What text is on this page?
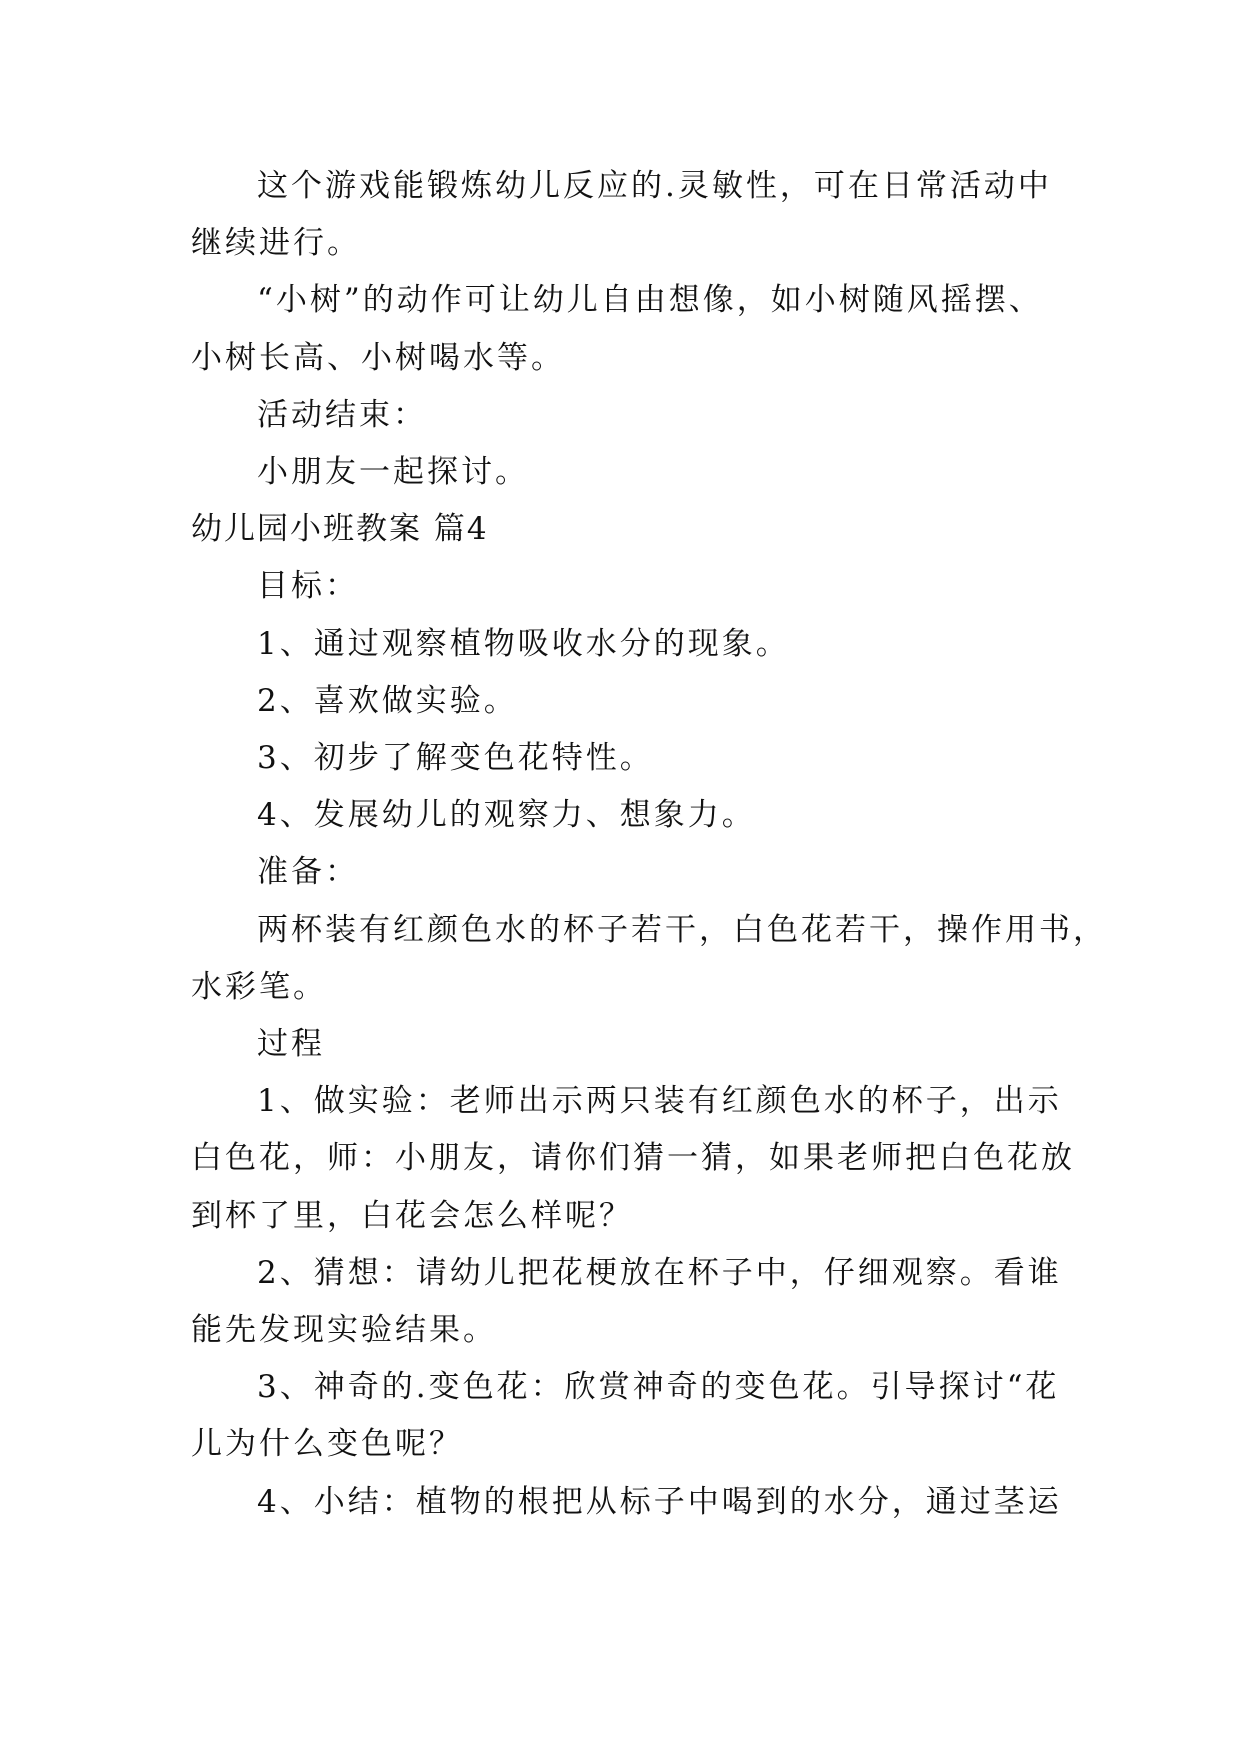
这个游戏能锻炼幼儿反应的.灵敏性，可在日常活动中

继续进行。

“小树”的动作可让幼儿自由想像，如小树随风摇摆、

小树长高、小树喝水等。

活动结束：

小朋友一起探讨。

幼儿园小班教案 篇4

目标：

1、通过观察植物吸收水分的现象。

2、喜欢做实验。

3、初步了解变色花特性。

4、发展幼儿的观察力、想象力。

准备：

两杯装有红颜色水的杯子若干，白色花若干，操作用书，

水彩笔。

过程

1、做实验：老师出示两只装有红颜色水的杯子，出示

白色花，师：小朋友，请你们猜一猜，如果老师把白色花放

到杯了里，白花会怎么样呢？

2、猜想：请幼儿把花梗放在杯子中，仔细观察。看谁

能先发现实验结果。

3、神奇的.变色花：欣赏神奇的变色花。引导探讨“花

儿为什么变色呢？

4、小结：植物的根把从标子中喝到的水分，通过茎运
